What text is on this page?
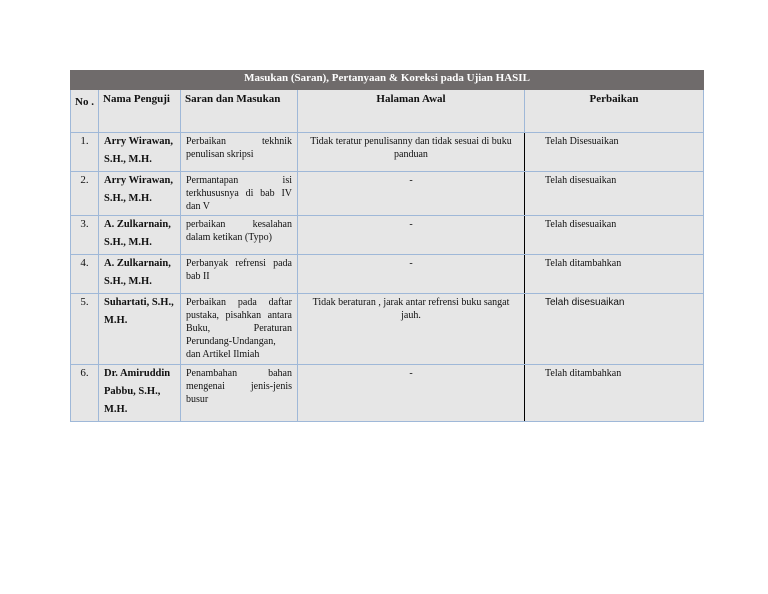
Masukan (Saran), Pertanyaan & Koreksi pada Ujian HASIL				
No .	Nama Penguji	Saran dan Masukan	Halaman Awal	Perbaikan
1.	Arry Wirawan, S.H., M.H.	Perbaikan tekhnik penulisan skripsi	Tidak teratur penulisanny dan tidak sesuai di buku panduan	Telah Disesuaikan
2.	Arry Wirawan, S.H., M.H.	Permantapan isi terkhususnya di bab IV dan V	-	Telah disesuaikan
3.	A. Zulkarnain, S.H., M.H.	perbaikan kesalahan dalam ketikan (Typo)	-	Telah disesuaikan
4.	A. Zulkarnain, S.H., M.H.	Perbanyak refrensi pada bab II	-	Telah ditambahkan
5.	Suhartati, S.H., M.H.	Perbaikan pada daftar pustaka, pisahkan antara Buku, Peraturan Perundang-Undangan, dan Artikel Ilmiah	Tidak beraturan , jarak antar refrensi buku sangat jauh.	Telah disesuaikan
6.	Dr. Amiruddin Pabbu, S.H., M.H.	Penambahan bahan mengenai jenis-jenis busur	-	Telah ditambahkan
